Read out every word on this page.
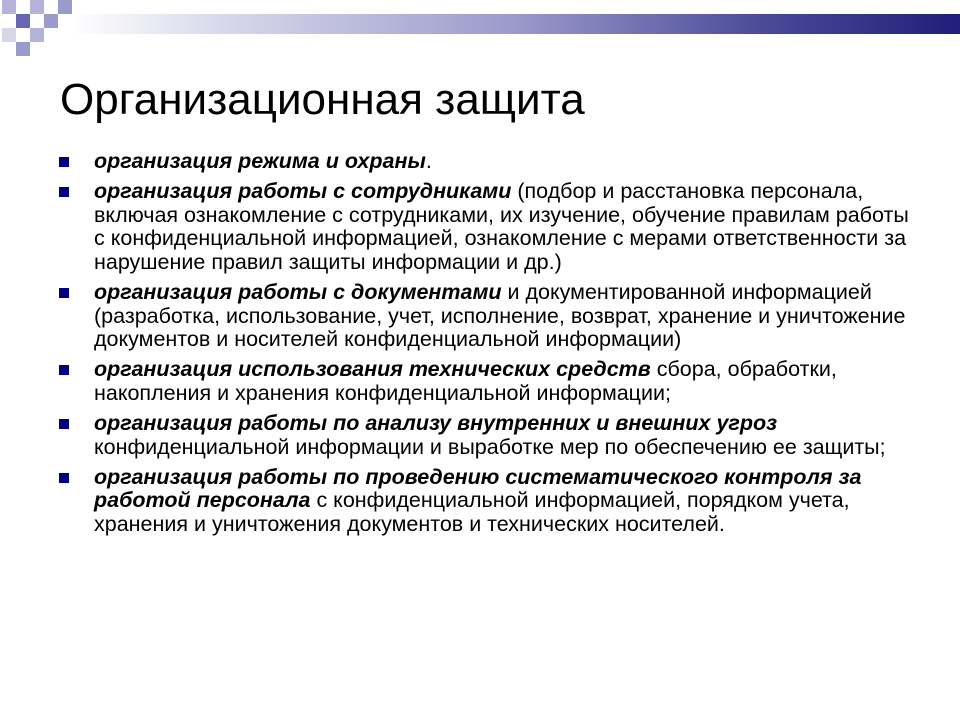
Организационная защита
организация режима и охраны.
организация работы с сотрудниками (подбор и расстановка персонала, включая ознакомление с сотрудниками, их изучение, обучение правилам работы с конфиденциальной информацией, ознакомление с мерами ответственности за нарушение правил защиты информации и др.)
организация работы с документами и документированной информацией (разработка, использование, учет, исполнение, возврат, хранение и уничтожение документов и носителей конфиденциальной информации)
организация использования технических средств сбора, обработки, накопления и хранения конфиденциальной информации;
организация работы по анализу внутренних и внешних угроз конфиденциальной информации и выработке мер по обеспечению ее защиты;
организация работы по проведению систематического контроля за работой персонала с конфиденциальной информацией, порядком учета, хранения и уничтожения документов и технических носителей.
